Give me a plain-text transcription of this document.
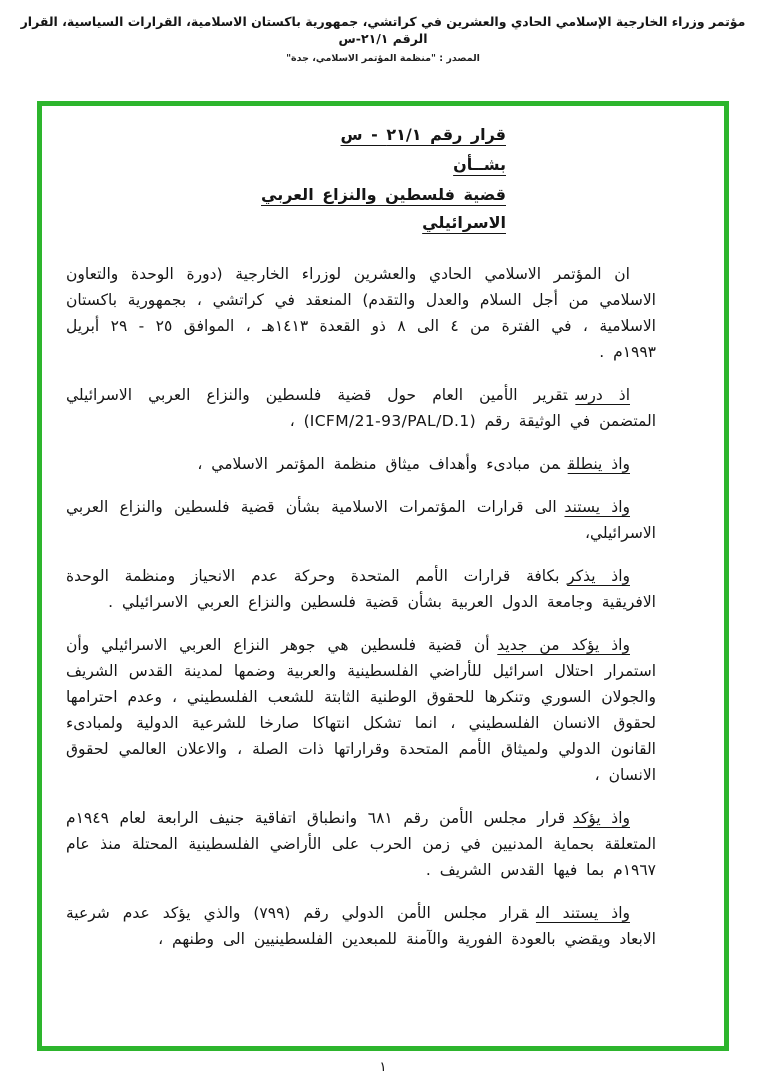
مؤتمر وزراء الخارجية الإسلامي الحادي والعشرين في كراتشي، جمهورية باكستان الاسلامية، القرارات السياسية، القرار الرقم ٢١/١-س
المصدر : "منظمة المؤتمر الاسلامي، جدة"
قرار رقم ٢١/١ - س
بشــأن
قضية فلسطين والنزاع العربي الاسرائيلي

ان المؤتمر الاسلامي الحادي والعشرين لوزراء الخارجية (دورة الوحدة والتعاون الاسلامي من أجل السلام والعدل والتقدم) المنعقد في كراتشي ، بجمهورية باكستان الاسلامية ، في الفترة من ٤ الى ٨ ذو القعدة ١٤١٣هـ ، الموافق ٢٥ - ٢٩ أبريل ١٩٩٣م .

اذ درستقرير الأمين العام حول قضية فلسطين والنزاع العربي الاسرائيلي المتضمن في الوثيقة رقم (ICFM/21-93/PAL/D.1) ،

واذ ينطلقمن مبادىء وأهداف ميثاق منظمة المؤتمر الاسلامي ،

واذ يستندالى قرارات المؤتمرات الاسلامية بشأن قضية فلسطين والنزاع العربي الاسرائيلي،

واذ يذكربكافة قرارات الأمم المتحدة وحركة عدم الانحياز ومنظمة الوحدة الافريقية وجامعة الدول العربية بشأن قضية فلسطين والنزاع العربي الاسرائيلي .

واذ يؤكد من جديدأن قضية فلسطين هي جوهر النزاع العربي الاسرائيلي وأن استمرار احتلال اسرائيل للأراضي الفلسطينية والعربية وضمها لمدينة القدس الشريف والجولان السوري وتنكرها للحقوق الوطنية الثابتة للشعب الفلسطيني ، وعدم احترامها لحقوق الانسان الفلسطيني ، انما تشكل انتهاكا صارخا للشرعية الدولية ولمبادىء القانون الدولي ولميثاق الأمم المتحدة وقراراتها ذات الصلة ، والاعلان العالمي لحقوق الانسان ،

واذ يؤكدقرار مجلس الأمن رقم ٦٨١ وانطباق اتفاقية جنيف الرابعة لعام ١٩٤٩م المتعلقة بحماية المدنيين في زمن الحرب على الأراضي الفلسطينية المحتلة منذ عام ١٩٦٧م بما فيها القدس الشريف .

واذ يستند الىقرار مجلس الأمن الدولي رقم (٧٩٩) والذي يؤكد عدم شرعية الابعاد ويقضي بالعودة الفورية والآمنة للمبعدين الفلسطينيين الى وطنهم ،

١
